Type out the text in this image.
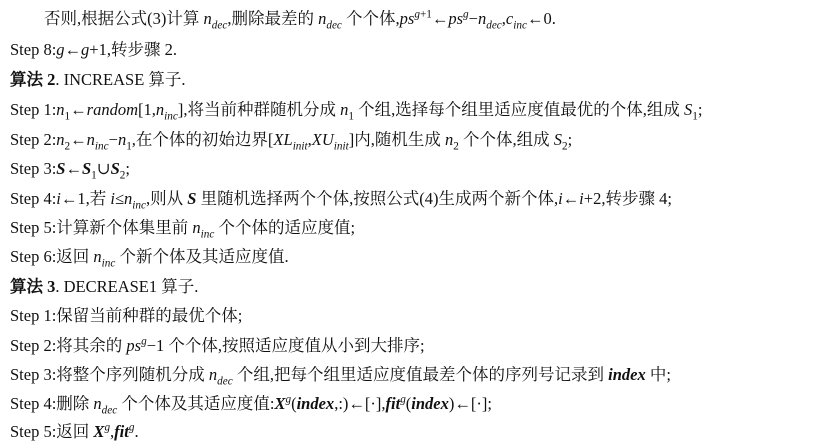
否则,根据公式(3)计算 $n_{dec}$,删除最差的 $n_{dec}$ 个个体$,ps^{g+1}\leftarrow ps^g-n_{dec},c_{inc}\leftarrow 0$.
Step 8:g←g+1,转步骤 2.
算法 2. INCREASE 算子.
Step $1:n_1\leftarrow random[1,n_{inc}]$,将当前种群随机分成 $n_1$ 个组,选择每个组里适应度值最优的个体,组成 $S_1$;
Step $2:n_2\leftarrow n_{inc}-n_1$,在个体的初始边界$[XL_{init},XU_{init}]$内,随机生成 $n_2$ 个个体,组成 $S_2$;
Step $3:S\leftarrow S_1\cup S_2$;
Step 4:i←1,若 $i\le n_{inc}$,则从 S 里随机选择两个个体,按照公式(4)生成两个新个体,i←i+2,转步骤 4;
Step 5:计算新个体集里前 $n_{inc}$ 个个体的适应度值;
Step 6:返回 $n_{inc}$ 个新个体及其适应度值.
算法 3. DECREASE1 算子.
Step 1:保留当前种群的最优个体;
Step 2:将其余的 $ps^g-1$ 个个体,按照适应度值从小到大排序;
Step 3:将整个序列随机分成 $n_{dec}$ 个组,把每个组里适应度值最差个体的序列号记录到 index 中;
Step 4:删除 $n_{dec}$ 个个体及其适应度值$:X^g(index,:)\leftarrow[\cdot],fit^g(index)\leftarrow[\cdot]$;
Step 5:返回 $X^g,fit^g$.
